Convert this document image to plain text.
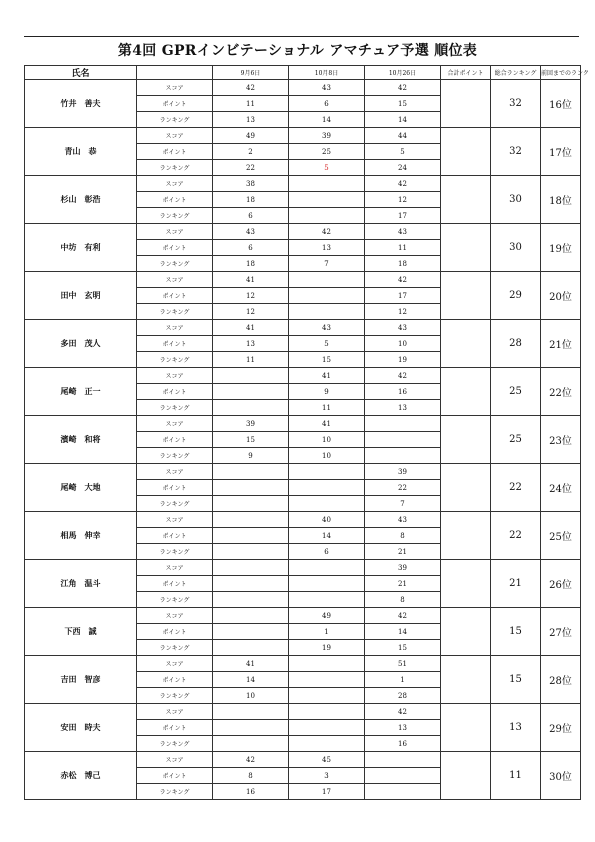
第4回 GPRインビテーショナル アマチュア予選 順位表
氏名		9月6日	10月8日	10月26日	合計ポイント	総合ランキング	前回までのランク	
竹井　善夫	スコア	42	43	42		32	16位	
	ポイント	11	6	15				
	ランキング	13	14	14				
青山　恭	スコア	49	39	44		32	17位	
	ポイント	2	25	5				
	ランキング	22	5	24				
杉山　彰浩	スコア	38		42		30	18位	
	ポイント	18		12				
	ランキング	6		17				
中坊　有利	スコア	43	42	43		30	19位	
	ポイント	6	13	11				
	ランキング	18	7	18				
田中　玄明	スコア	41		42		29	20位	
	ポイント	12		17				
	ランキング	12		12				
多田　茂人	スコア	41	43	43		28	21位	
	ポイント	13	5	10				
	ランキング	11	15	19				
尾崎　正一	スコア		41	42		25	22位	
	ポイント		9	16				
	ランキング		11	13				
濱崎　和将	スコア	39	41			25	23位	
	ポイント	15	10					
	ランキング	9	10					
尾崎　大地	スコア			39		22	24位	
	ポイント			22				
	ランキング			7				
相馬　伸幸	スコア		40	43		22	25位	
	ポイント		14	8				
	ランキング		6	21				
江角　温斗	スコア			39		21	26位	
	ポイント			21				
	ランキング			8				
下西　誠	スコア		49	42		15	27位	
	ポイント		1	14				
	ランキング		19	15				
吉田　智彦	スコア	41		51		15	28位	
	ポイント	14		1				
	ランキング	10		28				
安田　時夫	スコア			42		13	29位	
	ポイント			13				
	ランキング			16				
赤松　博己	スコア	42	45			11	30位	
	ポイント	8	3					
	ランキング	16	17					
